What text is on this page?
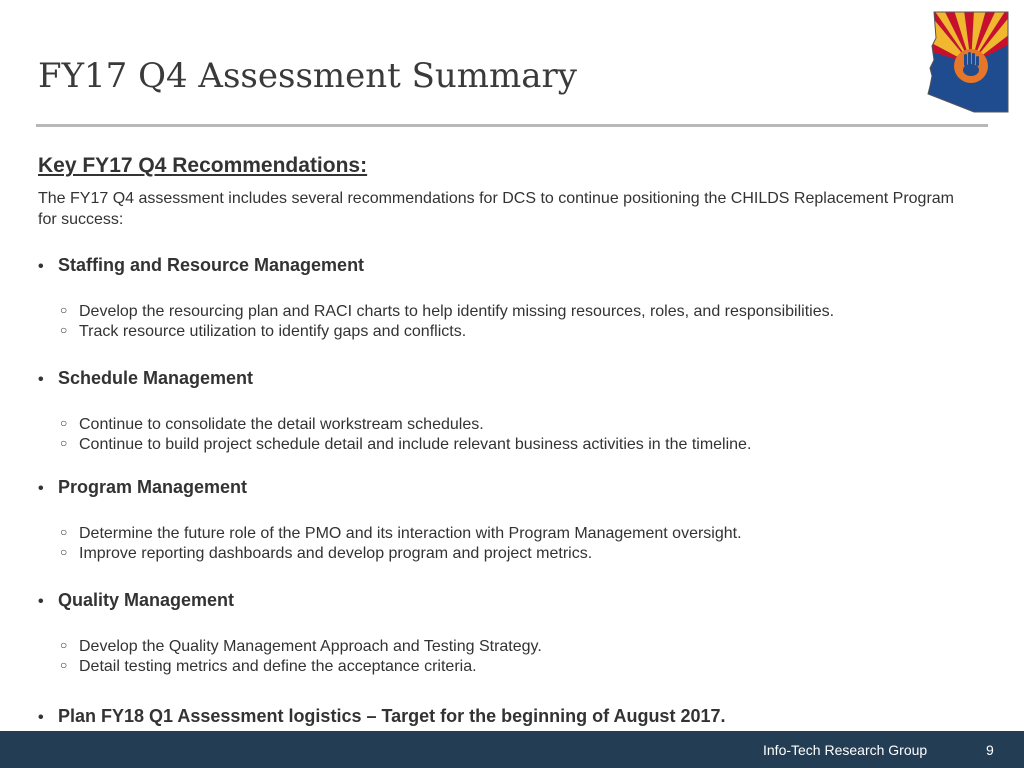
FY17 Q4 Assessment Summary
Key FY17 Q4 Recommendations:
The FY17 Q4 assessment includes several recommendations for DCS to continue positioning the CHILDS Replacement Program for success:
• Staffing and Resource Management
○ Develop the resourcing plan and RACI charts to help identify missing resources, roles, and responsibilities.
○ Track resource utilization to identify gaps and conflicts.
• Schedule Management
○ Continue to consolidate the detail workstream schedules.
○ Continue to build project schedule detail and include relevant business activities in the timeline.
• Program Management
○ Determine the future role of the PMO and its interaction with Program Management oversight.
○ Improve reporting dashboards and develop program and project metrics.
• Quality Management
○ Develop the Quality Management Approach and Testing Strategy.
○ Detail testing metrics and define the acceptance criteria.
• Plan FY18 Q1 Assessment logistics – Target for the beginning of August 2017.
Info-Tech Research Group	9
